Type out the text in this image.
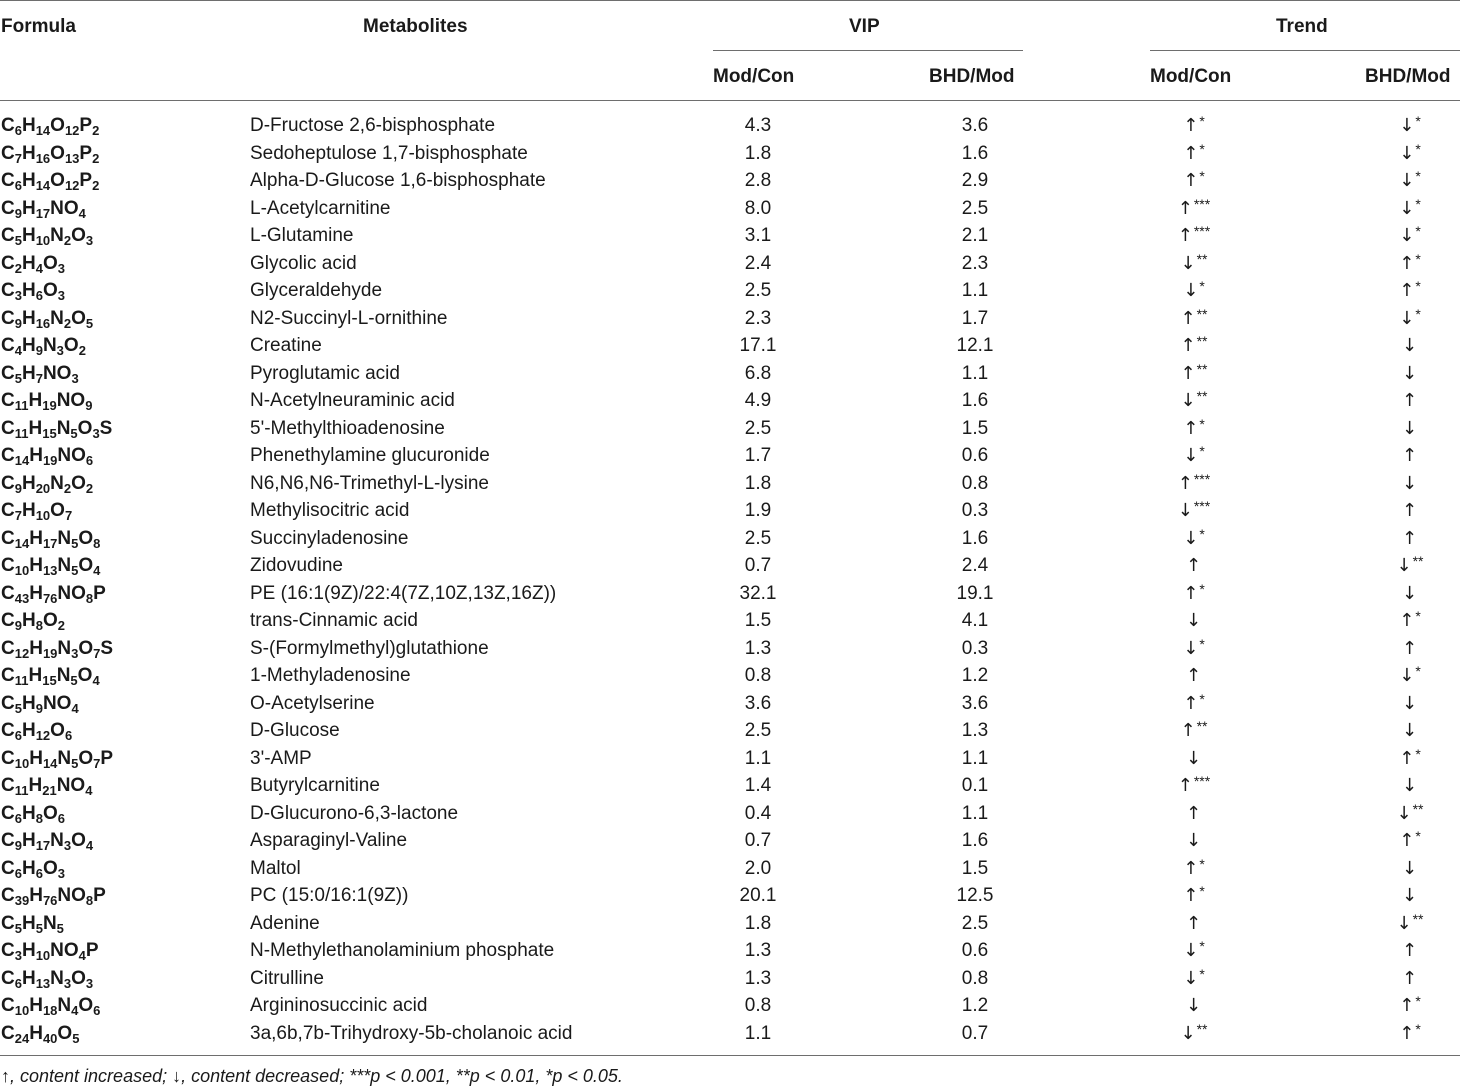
Formula	Metabolites	VIP	Trend
Mod/Con	BHD/Mod	Mod/Con	BHD/Mod
$C_6H_{14}O_{12}P_2$	D-Fructose 2,6-bisphosphate	4.3	3.6	↑*	↓*
$C_7H_{16}O_{13}P_2$	Sedoheptulose 1,7-bisphosphate	1.8	1.6	↑*	↓*
$C_6H_{14}O_{12}P_2$	Alpha-D-Glucose 1,6-bisphosphate	2.8	2.9	↑*	↓*
$C_9H_{17}NO_4$	L-Acetylcarnitine	8.0	2.5	↑***	↓*
$C_5H_{10}N_2O_3$	L-Glutamine	3.1	2.1	↑***	↓*
$C_2H_4O_3$	Glycolic acid	2.4	2.3	↓**	↑*
$C_3H_6O_3$	Glyceraldehyde	2.5	1.1	↓*	↑*
$C_9H_{16}N_2O_5$	N2-Succinyl-L-ornithine	2.3	1.7	↑**	↓*
$C_4H_9N_3O_2$	Creatine	17.1	12.1	↑**	↓
$C_5H_7NO_3$	Pyroglutamic acid	6.8	1.1	↑**	↓
$C_{11}H_{19}NO_9$	N-Acetylneuraminic acid	4.9	1.6	↓**	↑
$C_{11}H_{15}N_5O_3S$	5'-Methylthioadenosine	2.5	1.5	↑*	↓
$C_{14}H_{19}NO_6$	Phenethylamine glucuronide	1.7	0.6	↓*	↑
$C_9H_{20}N_2O_2$	N6,N6,N6-Trimethyl-L-lysine	1.8	0.8	↑***	↓
$C_7H_{10}O_7$	Methylisocitric acid	1.9	0.3	↓***	↑
$C_{14}H_{17}N_5O_8$	Succinyladenosine	2.5	1.6	↓*	↑
$C_{10}H_{13}N_5O_4$	Zidovudine	0.7	2.4	↑	↓**
$C_{43}H_{76}NO_8P$	PE (16:1(9Z)/22:4(7Z,10Z,13Z,16Z))	32.1	19.1	↑*	↓
$C_9H_8O_2$	trans-Cinnamic acid	1.5	4.1	↓	↑*
$C_{12}H_{19}N_3O_7S$	S-(Formylmethyl)glutathione	1.3	0.3	↓*	↑
$C_{11}H_{15}N_5O_4$	1-Methyladenosine	0.8	1.2	↑	↓*
$C_5H_9NO_4$	O-Acetylserine	3.6	3.6	↑*	↓
$C_6H_{12}O_6$	D-Glucose	2.5	1.3	↑**	↓
$C_{10}H_{14}N_5O_7P$	3'-AMP	1.1	1.1	↓	↑*
$C_{11}H_{21}NO_4$	Butyrylcarnitine	1.4	0.1	↑***	↓
$C_6H_8O_6$	D-Glucurono-6,3-lactone	0.4	1.1	↑	↓**
$C_9H_{17}N_3O_4$	Asparaginyl-Valine	0.7	1.6	↓	↑*
$C_6H_6O_3$	Maltol	2.0	1.5	↑*	↓
$C_{39}H_{76}NO_8P$	PC (15:0/16:1(9Z))	20.1	12.5	↑*	↓
$C_5H_5N_5$	Adenine	1.8	2.5	↑	↓**
$C_3H_{10}NO_4P$	N-Methylethanolaminium phosphate	1.3	0.6	↓*	↑
$C_6H_{13}N_3O_3$	Citrulline	1.3	0.8	↓*	↑
$C_{10}H_{18}N_4O_6$	Argininosuccinic acid	0.8	1.2	↓	↑*
$C_{24}H_{40}O_5$	3a,6b,7b-Trihydroxy-5b-cholanoic acid	1.1	0.7	↓**	↑*
↑, content increased; ↓, content decreased; ***p < 0.001, **p < 0.01, *p < 0.05.
